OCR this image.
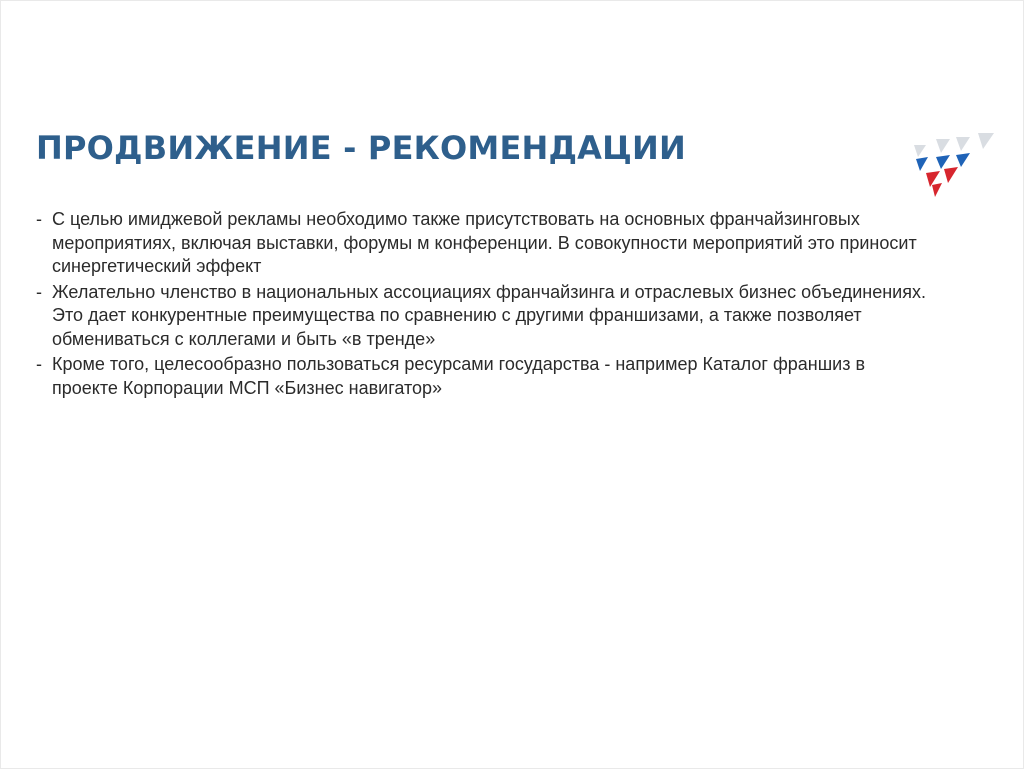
ПРОДВИЖЕНИЕ - РЕКОМЕНДАЦИИ
- С целью имиджевой рекламы необходимо также присутствовать на основных франчайзинговых мероприятиях, включая выставки, форумы м конференции. В совокупности мероприятий это приносит синергетический эффект
- Желательно членство в национальных ассоциациях франчайзинга и отраслевых бизнес объединениях. Это дает конкурентные преимущества по сравнению с другими франшизами, а также позволяет обмениваться с коллегами и быть «в тренде»
- Кроме того, целесообразно пользоваться ресурсами государства - например Каталог франшиз в проекте Корпорации МСП «Бизнес навигатор»
